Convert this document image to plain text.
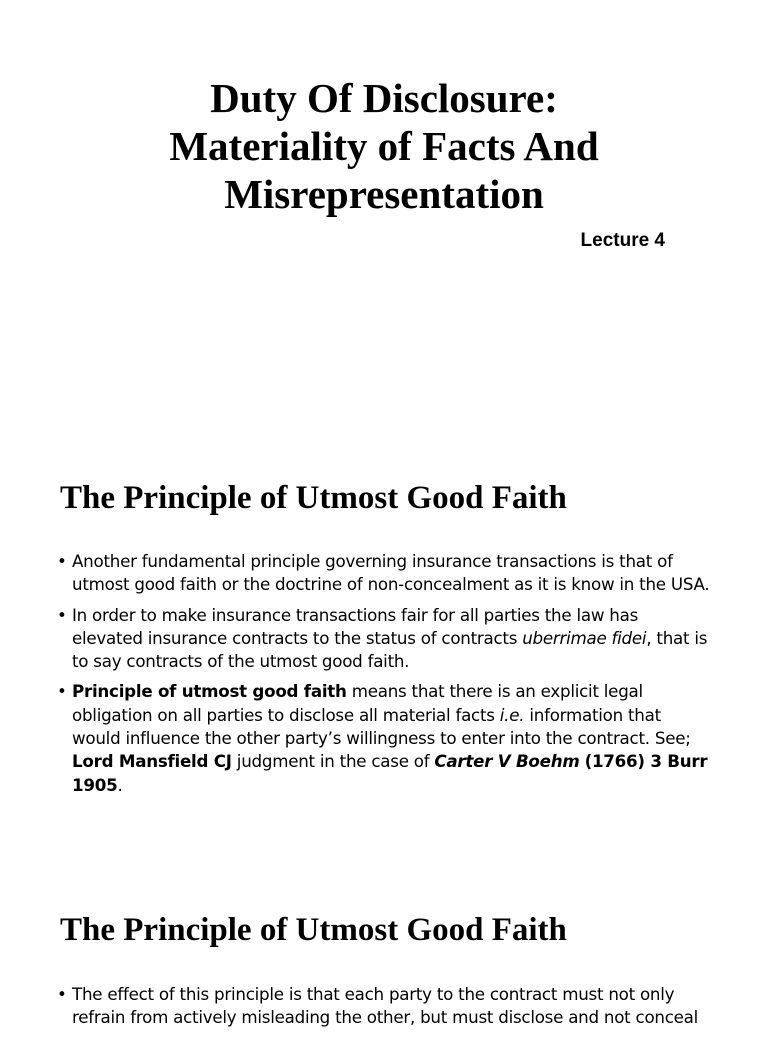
Duty Of Disclosure:
Materiality of Facts And
Misrepresentation

Lecture 4

The Principle of Utmost Good Faith
• Another fundamental principle governing insurance transactions is that of utmost good faith or the doctrine of non-concealment as it is know in the USA.
• In order to make insurance transactions fair for all parties the law has elevated insurance contracts to the status of contracts uberrimae fidei, that is to say contracts of the utmost good faith.
• Principle of utmost good faith means that there is an explicit legal obligation on all parties to disclose all material facts i.e. information that would influence the other party’s willingness to enter into the contract. See; Lord Mansfield CJ judgment in the case of Carter V Boehm (1766) 3 Burr 1905.
The Principle of Utmost Good Faith
• The effect of this principle is that each party to the contract must not only refrain from actively misleading the other, but must disclose and not conceal
